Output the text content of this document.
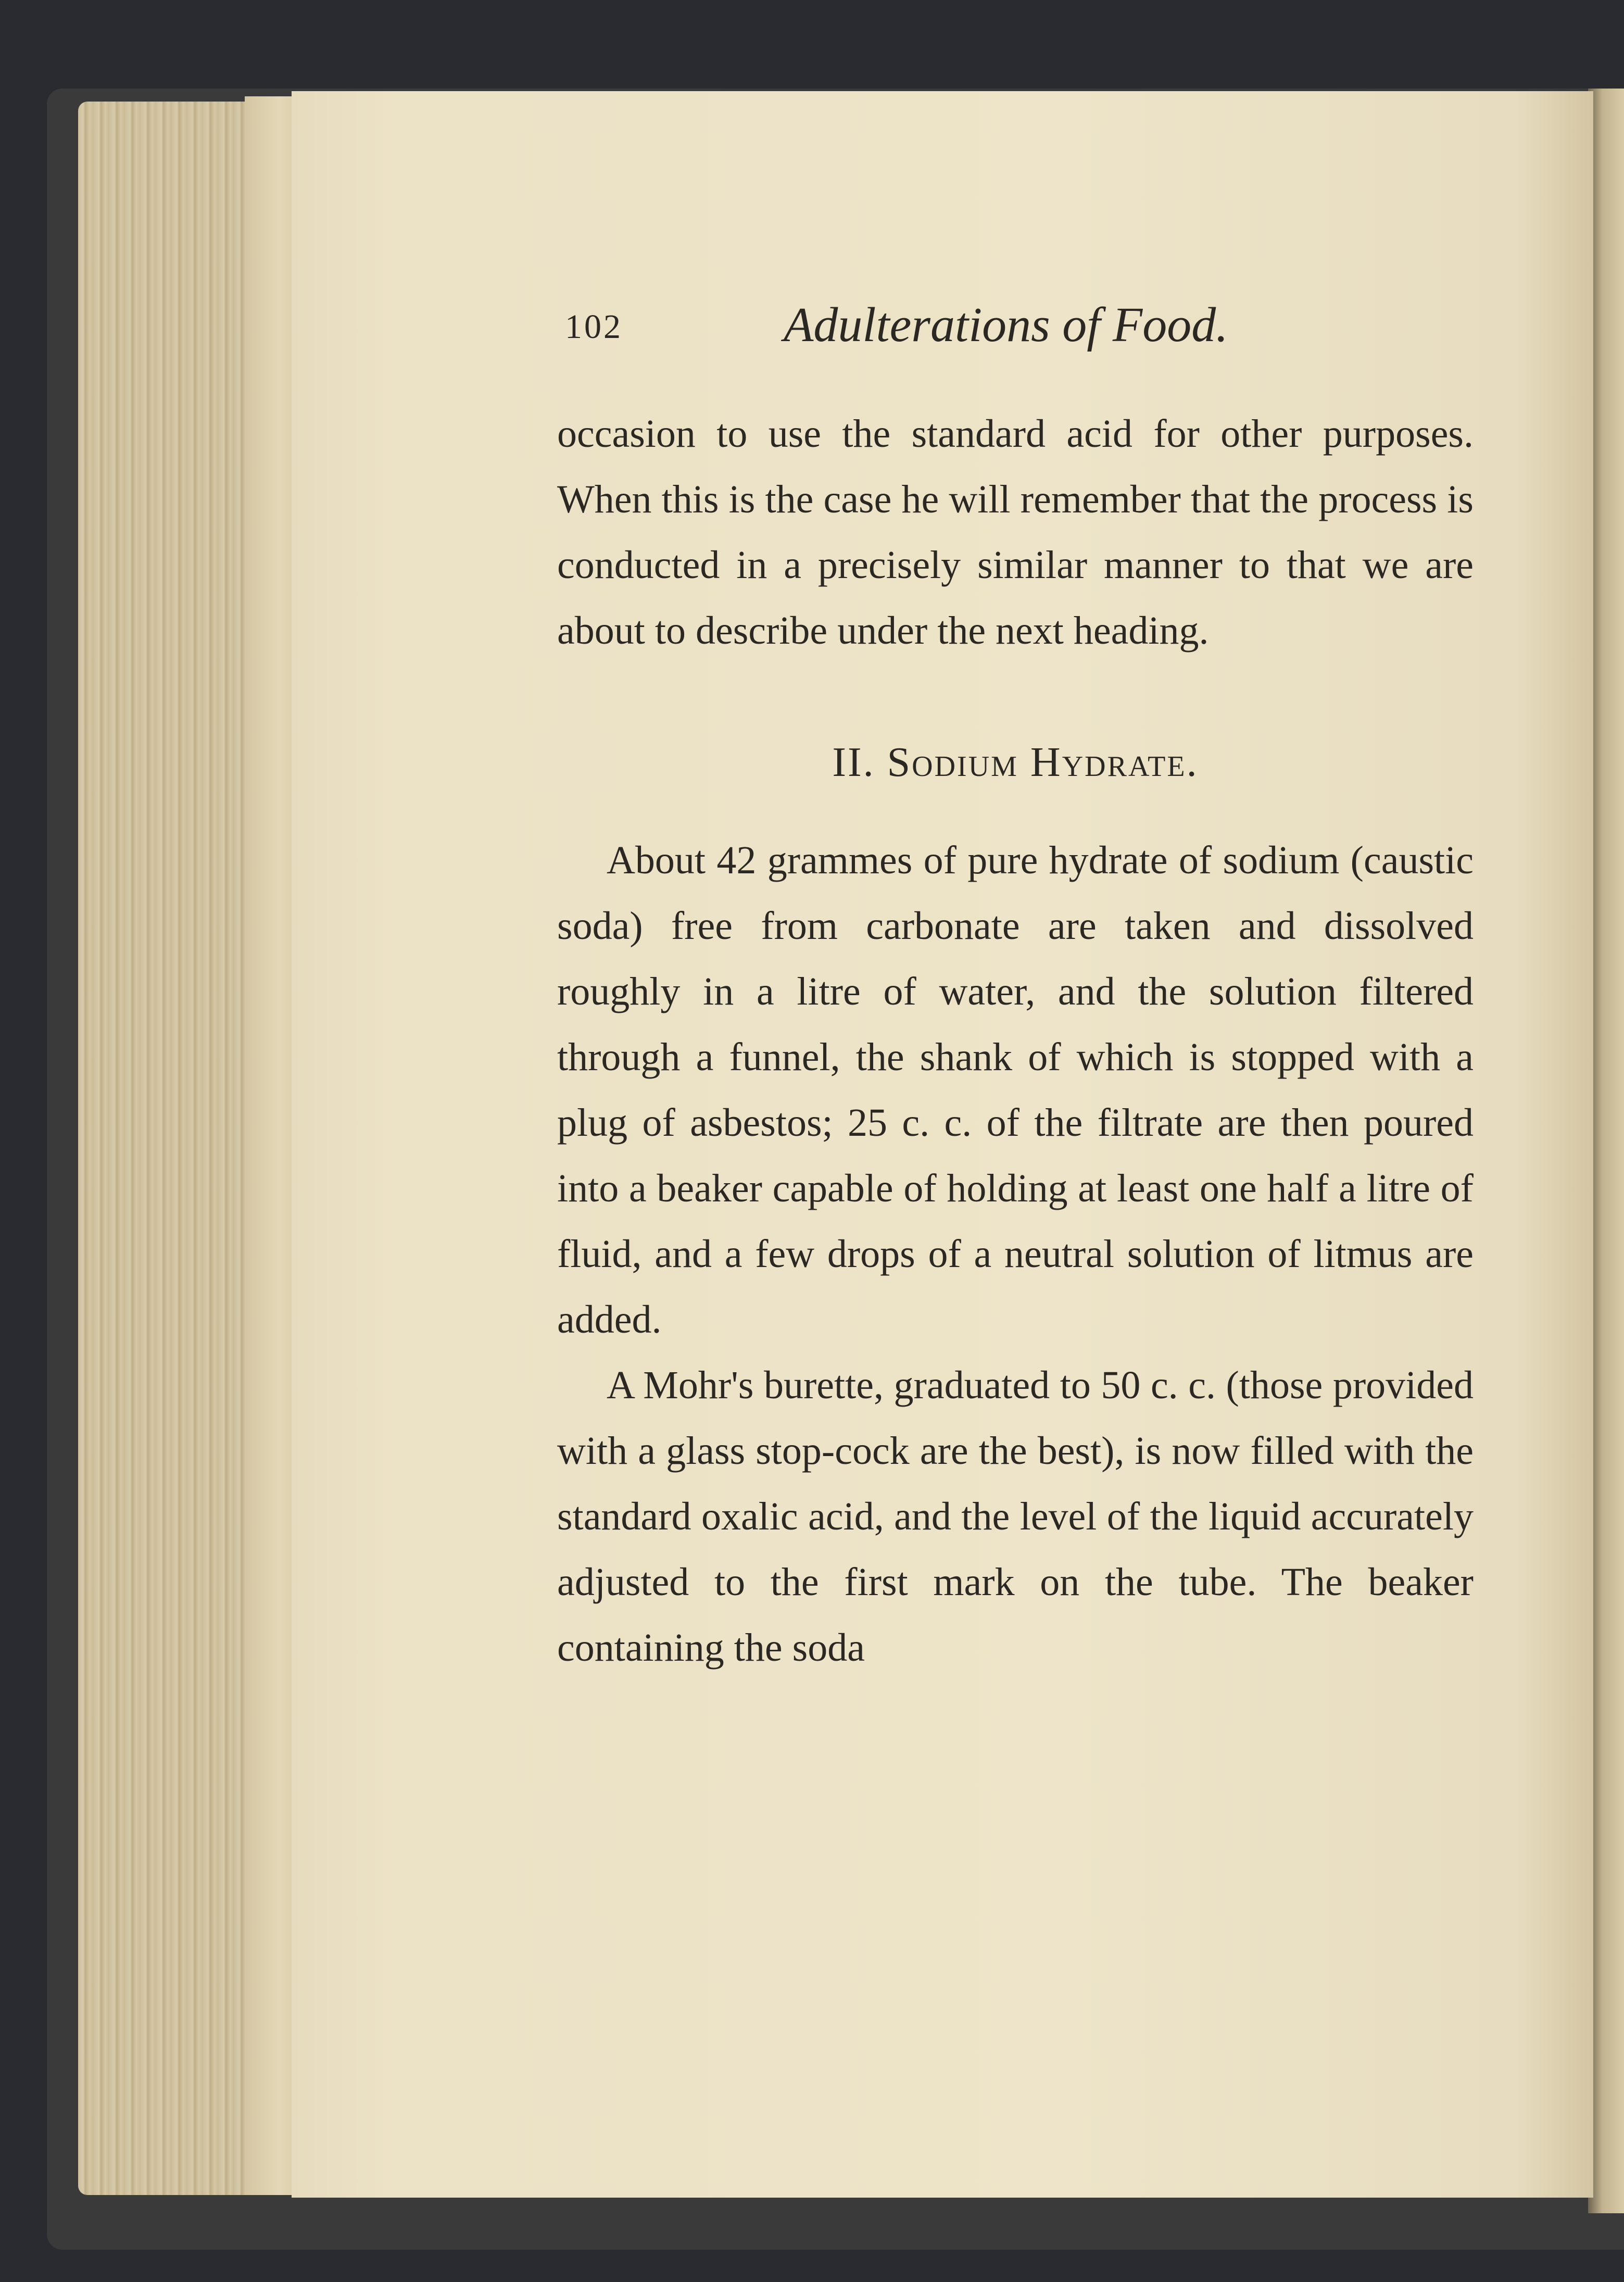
102	Adulterations of Food.

occasion to use the standard acid for other purposes. When this is the case he will remember that the process is conducted in a precisely similar manner to that we are about to describe under the next heading.

II. Sodium Hydrate.

About 42 grammes of pure hydrate of sodium (caustic soda) free from carbonate are taken and dissolved roughly in a litre of water, and the solution filtered through a funnel, the shank of which is stopped with a plug of asbestos; 25 c. c. of the filtrate are then poured into a beaker capable of holding at least one half a litre of fluid, and a few drops of a neutral solution of litmus are added.

A Mohr's burette, graduated to 50 c. c. (those provided with a glass stop-cock are the best), is now filled with the standard oxalic acid, and the level of the liquid accurately adjusted to the first mark on the tube. The beaker containing the soda
